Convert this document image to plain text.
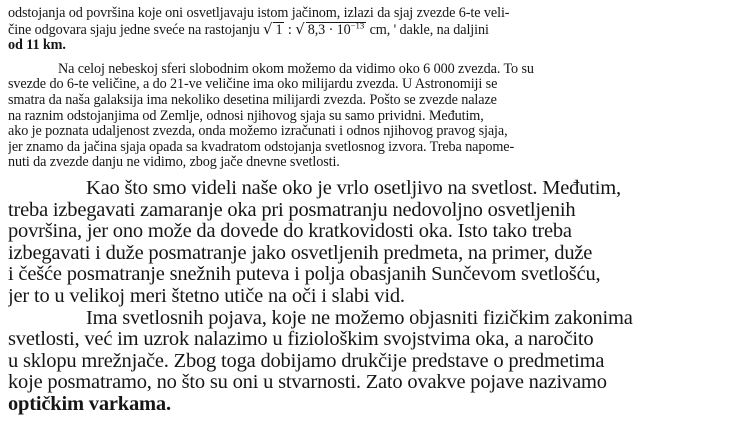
odstojanja od površina koje oni osvetljavaju istom jačinom, izlazi da sjaj zvezde 6-te veli-
čine odgovara sjaju jedne sveće na rastojanju √ 1 : √ $8,3 \cdot 10^{-13}$ cm, ' dakle, na daljini
od 11 km.
Na celoj nebeskoj sferi slobodnim okom možemo da vidimo oko 6 000 zvezda. To su
svezde do 6-te veličine, a do 21-ve veličine ima oko milijardu zvezda. U Astronomiji se
smatra da naša galaksija ima nekoliko desetina milijardi zvezda. Pošto se zvezde nalaze
na raznim odstojanjima od Zemlje, odnosi njihovog sjaja su samo prividni. Međutim,
ako je poznata udaljenost zvezda, onda možemo izračunati i odnos njihovog pravog sjaja,
jer znamo da jačina sjaja opada sa kvadratom odstojanja svetlosnog izvora. Treba napome-
nuti da zvezde danju ne vidimo, zbog jače dnevne svetlosti.
Kao što smo videli naše oko je vrlo osetljivo na svetlost. Međutim,
treba izbegavati zamaranje oka pri posmatranju nedovoljno osvetljenih
površina, jer ono može da dovede do kratkovidosti oka. Isto tako treba
izbegavati i duže posmatranje jako osvetljenih predmeta, na primer, duže
i češće posmatranje snežnih puteva i polja obasjanih Sunčevom svetlošću,
jer to u velikoj meri štetno utiče na oči i slabi vid.
Ima svetlosnih pojava, koje ne možemo objasniti fizičkim zakonima
svetlosti, već im uzrok nalazimo u fiziološkim svojstvima oka, a naročito
u sklopu mrežnjače. Zbog toga dobijamo drukčije predstave o predmetima
koje posmatramo, no što su oni u stvarnosti. Zato ovakve pojave nazivamo
optičkim varkama.
